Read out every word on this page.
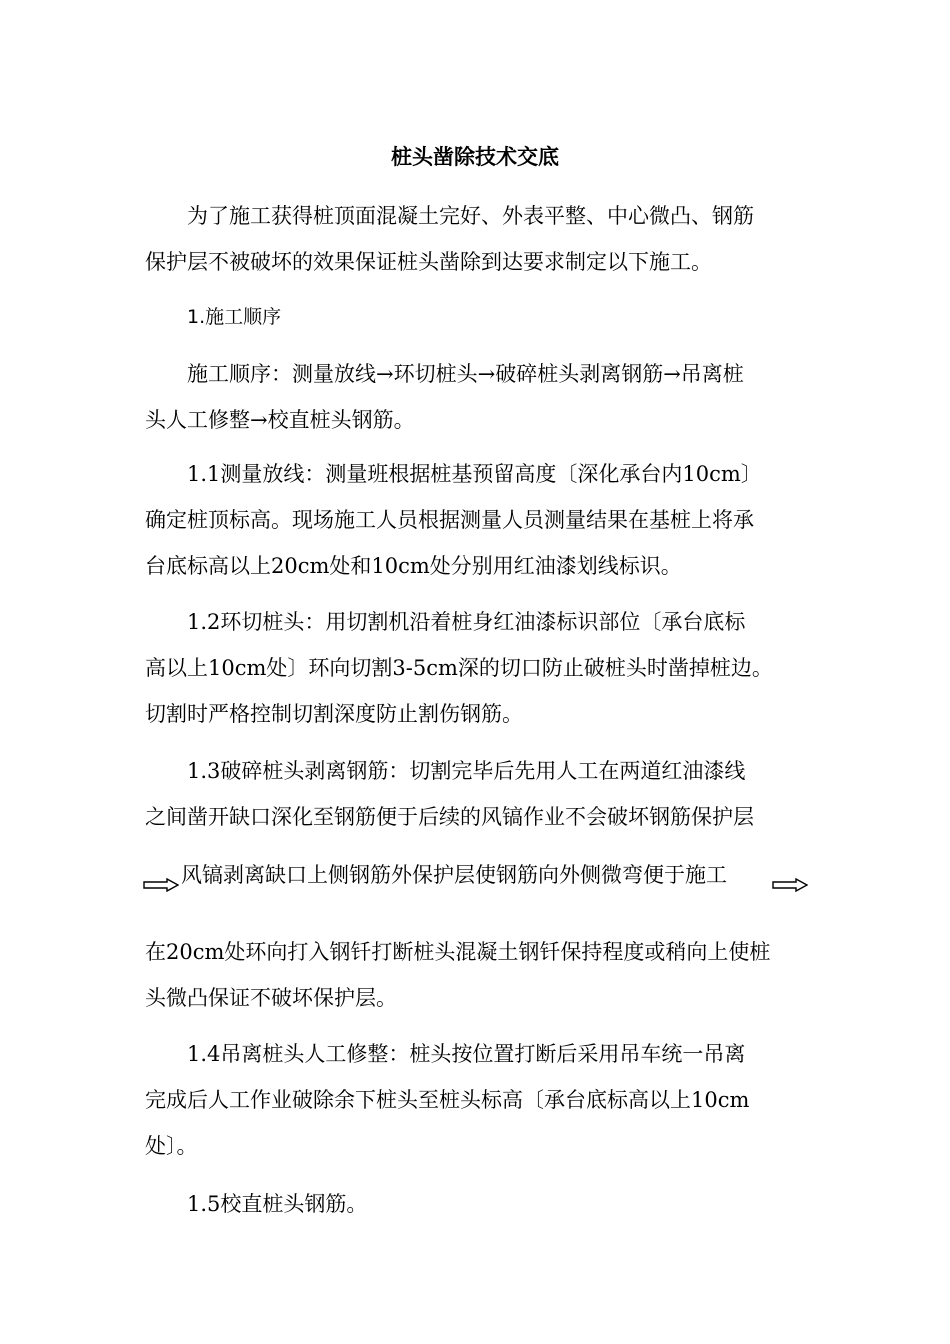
桩头凿除技术交底
为了施工获得桩顶面混凝土完好、外表平整、中心微凸、钢筋
保护层不被破坏的效果保证桩头凿除到达要求制定以下施工。
1.施工顺序
施工顺序：测量放线→环切桩头→破碎桩头剥离钢筋→吊离桩
头人工修整→校直桩头钢筋。
1.1测量放线：测量班根据桩基预留高度〔深化承台内10cm〕
确定桩顶标高。现场施工人员根据测量人员测量结果在基桩上将承
台底标高以上20cm处和10cm处分别用红油漆划线标识。
1.2环切桩头：用切割机沿着桩身红油漆标识部位〔承台底标
高以上10cm处〕环向切割3-5cm深的切口防止破桩头时凿掉桩边。
切割时严格控制切割深度防止割伤钢筋。
1.3破碎桩头剥离钢筋：切割完毕后先用人工在两道红油漆线
之间凿开缺口深化至钢筋便于后续的风镐作业不会破坏钢筋保护层
风镐剥离缺口上侧钢筋外保护层使钢筋向外侧微弯便于施工
在20cm处环向打入钢钎打断桩头混凝土钢钎保持程度或稍向上使桩
头微凸保证不破坏保护层。
1.4吊离桩头人工修整：桩头按位置打断后采用吊车统一吊离
完成后人工作业破除余下桩头至桩头标高〔承台底标高以上10cm
处〕。
1.5校直桩头钢筋。
